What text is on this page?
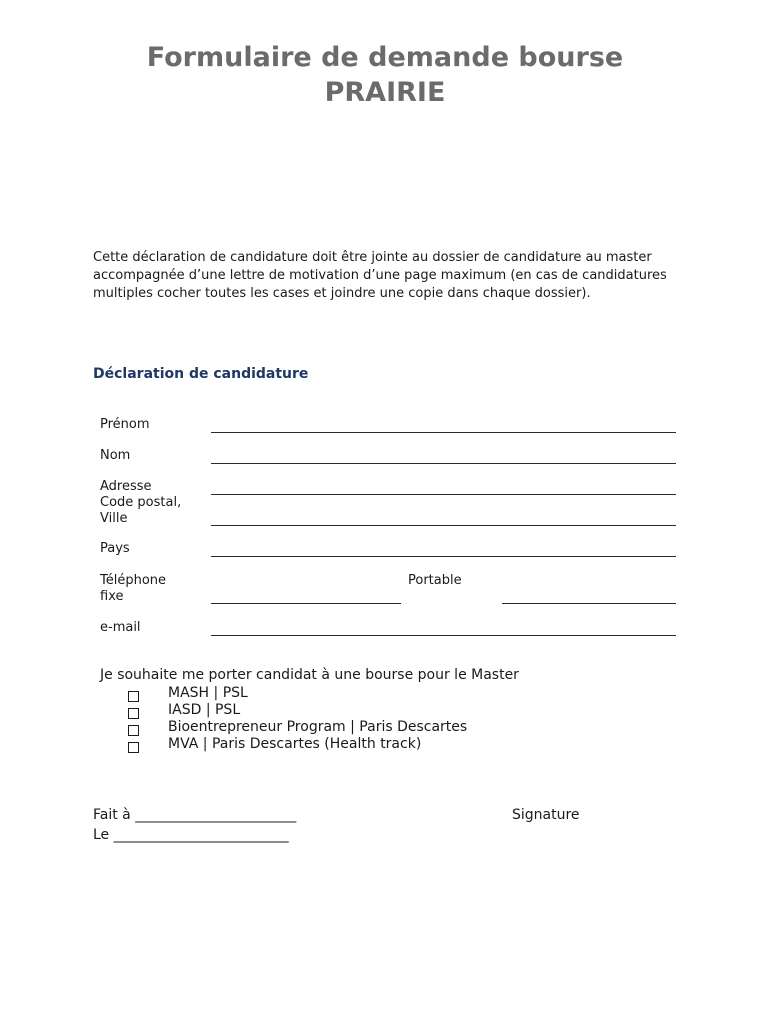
Formulaire de demande bourse
PRAIRIE
Cette déclaration de candidature doit être jointe au dossier de candidature au master accompagnée d’une lettre de motivation d’une page maximum (en cas de candidatures multiples cocher toutes les cases et joindre une copie dans chaque dossier).
Déclaration de candidature
Prénom
Nom
Adresse
Code postal,
Ville
Pays
Téléphone
fixe
Portable
e-mail
Je souhaite me porter candidat à une bourse pour le Master
MASH | PSL
IASD | PSL
Bioentrepreneur Program | Paris Descartes
MVA | Paris Descartes (Health track)
Fait à _______________________
Le _________________________
Signature
